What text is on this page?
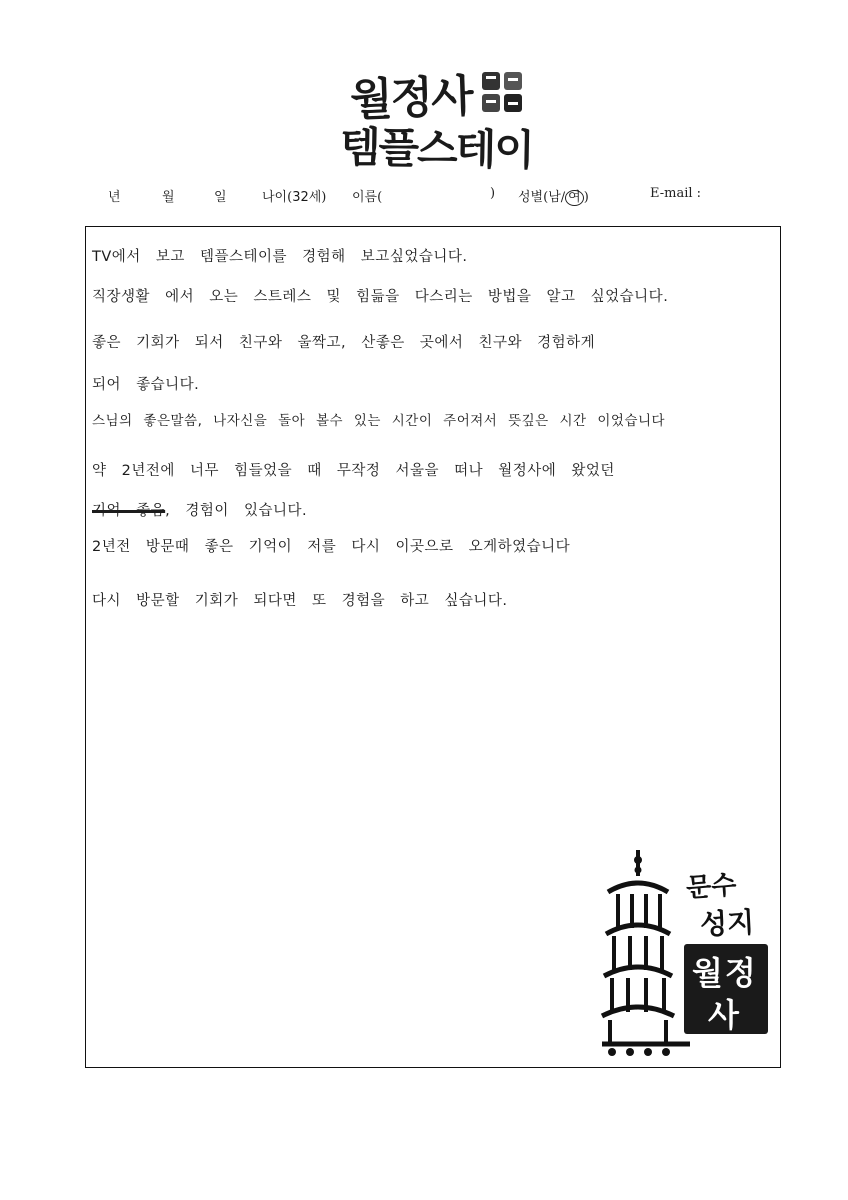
월정사
템플스테이
년	월	일	나이(32세) 이름(	) 성별(남/ 여 )	E-mail :
TV에서 보고 템플스테이를 경험해 보고싶었습니다.
직장생활 에서 오는 스트레스 및 힘듦을 다스리는 방법을 알고 싶었습니다.
좋은 기회가 되서 친구와 울짝고, 산좋은 곳에서 친구와 경험하게
되어 좋습니다.
스님의 좋은말씀, 나자신을 돌아 볼수 있는 시간이 주어져서 뜻깊은 시간 이었습니다
약 2년전에 너무 힘들었을 때 무작정 서울을 떠나 월정사에 왔었던
기억 좋음, 경험이 있습니다.
2년전 방문때 좋은 기억이 저를 다시 이곳으로 오게하였습니다
다시 방문할 기회가 되다면 또 경험을 하고 싶습니다.
문수
성지
월정
사
